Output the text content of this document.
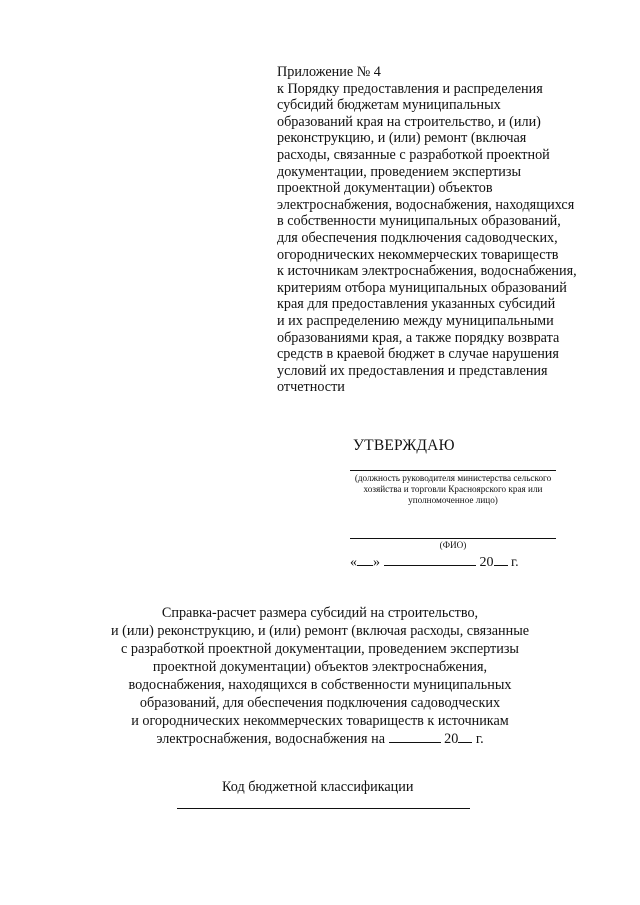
Приложение № 4
к Порядку предоставления и распределения
субсидий бюджетам муниципальных
образований края на строительство, и (или)
реконструкцию, и (или) ремонт (включая
расходы, связанные с разработкой проектной
документации, проведением экспертизы
проектной документации) объектов
электроснабжения, водоснабжения, находящихся
в собственности муниципальных образований,
для обеспечения подключения садоводческих,
огороднических некоммерческих товариществ
к источникам электроснабжения, водоснабжения,
критериям отбора муниципальных образований
края для предоставления указанных субсидий
и их распределению между муниципальными
образованиями края, а также порядку возврата
средств в краевой бюджет в случае нарушения
условий их предоставления и представления
отчетности
УТВЕРЖДАЮ
(должность руководителя министерства сельского хозяйства и торговли Красноярского края или уполномоченное лицо)
(ФИО)
« »	20 г.
Справка-расчет размера субсидий на строительство,
и (или) реконструкцию, и (или) ремонт (включая расходы, связанные
с разработкой проектной документации, проведением экспертизы
проектной документации) объектов электроснабжения,
водоснабжения, находящихся в собственности муниципальных
образований, для обеспечения подключения садоводческих
и огороднических некоммерческих товариществ к источникам
электроснабжения, водоснабжения на	20 г.
Код бюджетной классификации
